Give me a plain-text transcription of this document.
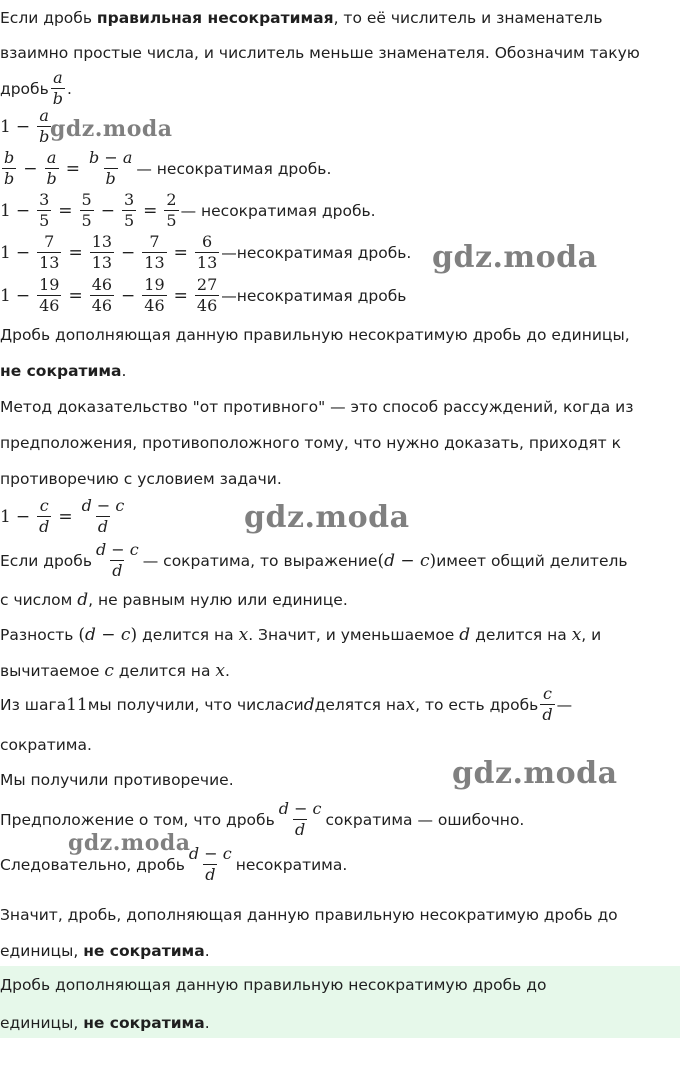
Если дробь правильная несократимая, то её числитель и знаменатель
взаимно простые числа, и числитель меньше знаменателя. Обозначим такую
дробь $\frac{a}{b}$ .
$1 - \frac{a}{b}$
$\frac{b}{b} - \frac{a}{b} = \frac{b - a}{b}$ — несократимая дробь.
$1 - \frac{3}{5} = \frac{5}{5} - \frac{3}{5} = \frac{2}{5}$ — несократимая дробь.
$1 - \frac{7}{13} = \frac{13}{13} - \frac{7}{13} = \frac{6}{13}$ —несократимая дробь.
$1 - \frac{19}{46} = \frac{46}{46} - \frac{19}{46} = \frac{27}{46}$ —несократимая дробь
Дробь дополняющая данную правильную несократимую дробь до единицы,
не сократима.
Метод доказательство "от противного" — это способ рассуждений, когда из
предположения, противоположного тому, что нужно доказать, приходят к
противоречию с условием задачи.
$1 - \frac{c}{d} = \frac{d - c}{d}$
Если дробь $\frac{d - c}{d}$ — сократима, то выражение ( d − c ) имеет общий делитель
с числом d, не равным нулю или единице.
Разность (d − c) делится на x. Значит, и уменьшаемое d делится на x, и
вычитаемое c делится на x.
Из шага 11 мы получили, что числа c и d делятся на x , то есть дробь $\frac{c}{d}$ —
сократима.
Мы получили противоречие.
Предположение о том, что дробь $\frac{d - c}{d}$ сократима — ошибочно.
Следовательно, дробь $\frac{d - c}{d}$ несократима.
Значит, дробь, дополняющая данную правильную несократимую дробь до
единицы, не сократима.
Дробь дополняющая данную правильную несократимую дробь до
единицы, не сократима.
gdz.moda
gdz.moda
gdz.moda
gdz.moda
gdz.moda
